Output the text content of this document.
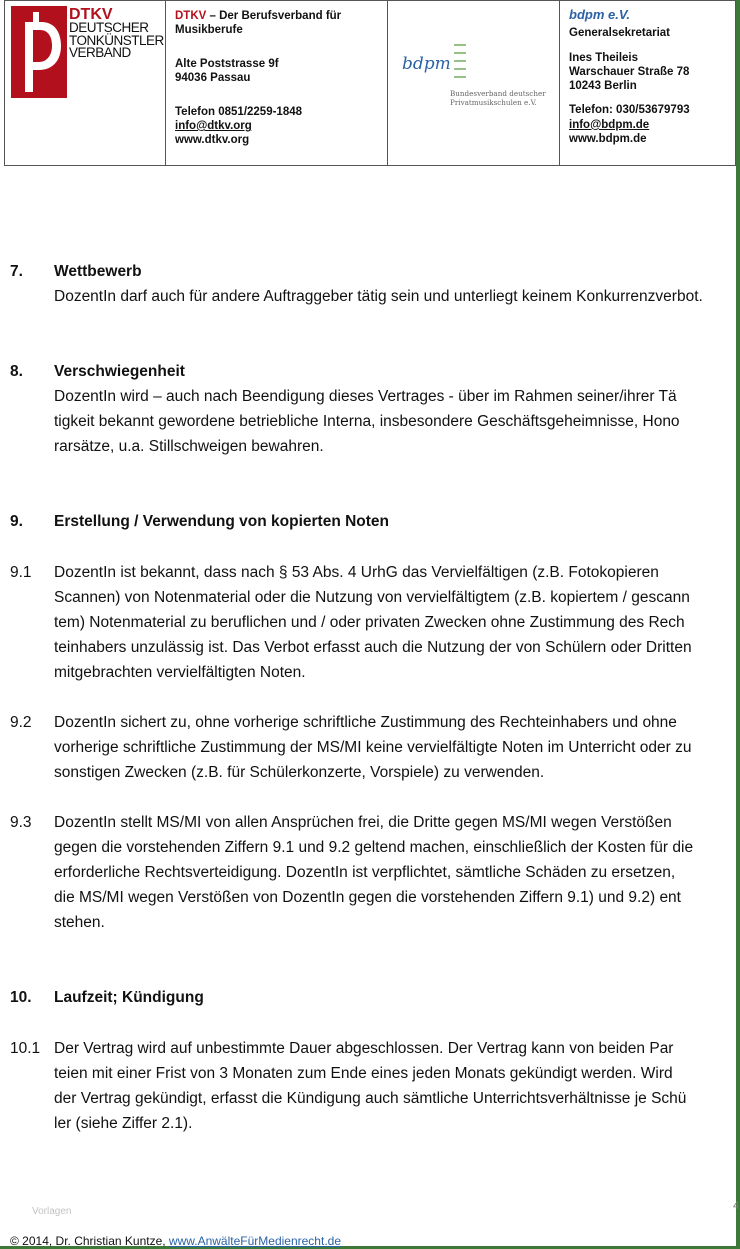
DTKV
DEUTSCHER
TONKÜNSTLER
VERBAND
DTKV – Der Berufsverband für
Musikberufe
Alte Poststrasse 9f
94036 Passau
Telefon 0851/2259-1848
info@dtkv.org
www.dtkv.org
bdpm
Bundesverband deutscher
Privatmusikschulen e.V.
bdpm e.V.
Generalsekretariat
Ines Theileis
Warschauer Straße 78
10243 Berlin
Telefon: 030/53679793
info@bdpm.de
www.bdpm.de
7. Wettbewerb
DozentIn darf auch für andere Auftraggeber tätig sein und unterliegt keinem Konkurrenzverbot.
8. Verschwiegenheit
DozentIn wird – auch nach Beendigung dieses Vertrages - über im Rahmen seiner/ihrer Tä
tigkeit bekannt gewordene betriebliche Interna, insbesondere Geschäftsgeheimnisse, Hono
rarsätze, u.a. Stillschweigen bewahren.
9. Erstellung / Verwendung von kopierten Noten
9.1 DozentIn ist bekannt, dass nach § 53 Abs. 4 UrhG das Vervielfältigen (z.B. Fotokopieren
Scannen) von Notenmaterial oder die Nutzung von vervielfältigtem (z.B. kopiertem / gescann
tem) Notenmaterial zu beruflichen und / oder privaten Zwecken ohne Zustimmung des Rech
teinhabers unzulässig ist. Das Verbot erfasst auch die Nutzung der von Schülern oder Dritten
mitgebrachten vervielfältigten Noten.
9.2 DozentIn sichert zu, ohne vorherige schriftliche Zustimmung des Rechteinhabers und ohne
vorherige schriftliche Zustimmung der MS/MI keine vervielfältigte Noten im Unterricht oder zu
sonstigen Zwecken (z.B. für Schülerkonzerte, Vorspiele) zu verwenden.
9.3 DozentIn stellt MS/MI von allen Ansprüchen frei, die Dritte gegen MS/MI wegen Verstößen
gegen die vorstehenden Ziffern 9.1 und 9.2 geltend machen, einschließlich der Kosten für die
erforderliche Rechtsverteidigung. DozentIn ist verpflichtet, sämtliche Schäden zu ersetzen,
die MS/MI wegen Verstößen von DozentIn gegen die vorstehenden Ziffern 9.1) und 9.2) ent
stehen.
10. Laufzeit; Kündigung
10.1 Der Vertrag wird auf unbestimmte Dauer abgeschlossen. Der Vertrag kann von beiden Par
teien mit einer Frist von 3 Monaten zum Ende eines jeden Monats gekündigt werden. Wird
der Vertrag gekündigt, erfasst die Kündigung auch sämtliche Unterrichtsverhältnisse je Schü
ler (siehe Ziffer 2.1).
Vorlagen	4
© 2014, Dr. Christian Kuntze, www.AnwälteFürMedienrecht.de
